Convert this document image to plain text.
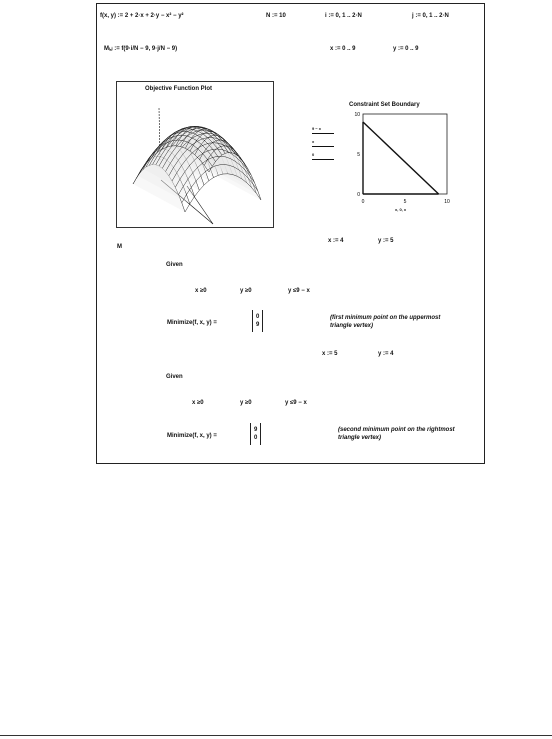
f(x, y) := 2 + 2·x + 2·y − x² − y²	N := 10	i := 0, 1 .. 2·N	j := 0, 1 .. 2·N
Mᵢ,ⱼ := f(9·i/N − 9, 9·j/N − 9)	x := 0 .. 9	y := 0 .. 9
Objective Function Plot
Constraint Set Boundary
0
0
5
5
10
10
9 − x
x
0
x, 0, x
x := 4	y := 5
M
Given
x ≥0	y ≥0	y ≤9 − x
Minimize(f, x, y) =
0
9
(first minimum point on the uppermost triangle vertex)
x := 5	y := 4
Given
x ≥0	y ≥0	y ≤9 − x
Minimize(f, x, y) =
9
0
(second minimum point on the rightmost triangle vertex)
